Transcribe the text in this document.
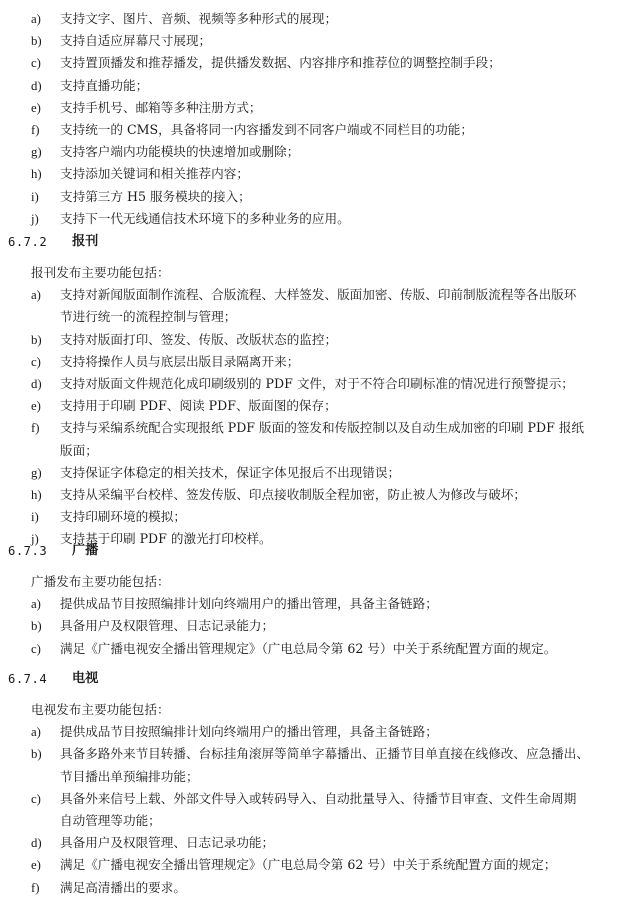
a) 支持文字、图片、音频、视频等多种形式的展现；
b) 支持自适应屏幕尺寸展现；
c) 支持置顶播发和推荐播发，提供播发数据、内容排序和推荐位的调整控制手段；
d) 支持直播功能；
e) 支持手机号、邮箱等多种注册方式；
f) 支持统一的 CMS，具备将同一内容播发到不同客户端或不同栏目的功能；
g) 支持客户端内功能模块的快速增加或删除；
h) 支持添加关键词和相关推荐内容；
i) 支持第三方 H5 服务模块的接入；
j) 支持下一代无线通信技术环境下的多种业务的应用。
6.7.2 报刊
报刊发布主要功能包括：
a) 支持对新闻版面制作流程、合版流程、大样签发、版面加密、传版、印前制版流程等各出版环
节进行统一的流程控制与管理；
b) 支持对版面打印、签发、传版、改版状态的监控；
c) 支持将操作人员与底层出版目录隔离开来；
d) 支持对版面文件规范化成印刷级别的 PDF 文件，对于不符合印刷标准的情况进行预警提示；
e) 支持用于印刷 PDF、阅读 PDF、版面图的保存；
f) 支持与采编系统配合实现报纸 PDF 版面的签发和传版控制以及自动生成加密的印刷 PDF 报纸
版面；
g) 支持保证字体稳定的相关技术，保证字体见报后不出现错误；
h) 支持从采编平台校样、签发传版、印点接收制版全程加密，防止被人为修改与破坏；
i) 支持印刷环境的模拟；
j) 支持基于印刷 PDF 的激光打印校样。
6.7.3 广播
广播发布主要功能包括：
a) 提供成品节目按照编排计划向终端用户的播出管理，具备主备链路；
b) 具备用户及权限管理、日志记录能力；
c) 满足《广播电视安全播出管理规定》（广电总局令第 62 号）中关于系统配置方面的规定。
6.7.4 电视
电视发布主要功能包括：
a) 提供成品节目按照编排计划向终端用户的播出管理，具备主备链路；
b) 具备多路外来节目转播、台标挂角滚屏等简单字幕播出、正播节目单直接在线修改、应急播出、
节目播出单预编排功能；
c) 具备外来信号上载、外部文件导入或转码导入、自动批量导入、待播节目审查、文件生命周期
自动管理等功能；
d) 具备用户及权限管理、日志记录功能；
e) 满足《广播电视安全播出管理规定》（广电总局令第 62 号）中关于系统配置方面的规定；
f) 满足高清播出的要求。
